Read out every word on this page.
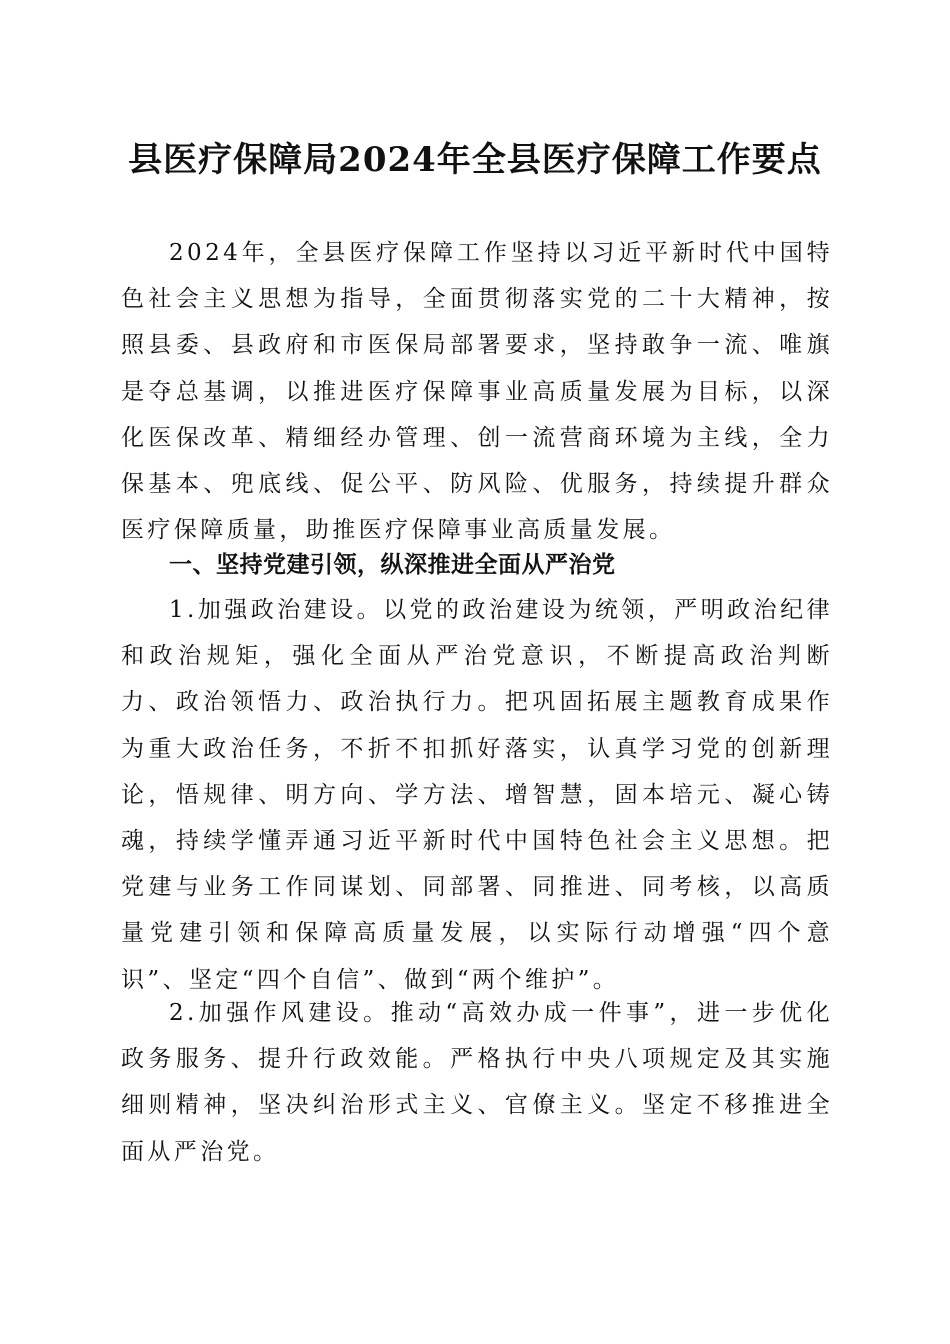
县医疗保障局2024年全县医疗保障工作要点

2024年，全县医疗保障工作坚持以习近平新时代中国特色社会主义思想为指导，全面贯彻落实党的二十大精神，按照县委、县政府和市医保局部署要求，坚持敢争一流、唯旗是夺总基调，以推进医疗保障事业高质量发展为目标，以深化医保改革、精细经办管理、创一流营商环境为主线，全力保基本、兜底线、促公平、防风险、优服务，持续提升群众医疗保障质量，助推医疗保障事业高质量发展。

一、坚持党建引领，纵深推进全面从严治党

1.加强政治建设。以党的政治建设为统领，严明政治纪律和政治规矩，强化全面从严治党意识，不断提高政治判断力、政治领悟力、政治执行力。把巩固拓展主题教育成果作为重大政治任务，不折不扣抓好落实，认真学习党的创新理论，悟规律、明方向、学方法、增智慧，固本培元、凝心铸魂，持续学懂弄通习近平新时代中国特色社会主义思想。把党建与业务工作同谋划、同部署、同推进、同考核，以高质量党建引领和保障高质量发展，以实际行动增强“四个意识”、坚定“四个自信”、做到“两个维护”。

2.加强作风建设。推动“高效办成一件事”，进一步优化政务服务、提升行政效能。严格执行中央八项规定及其实施细则精神，坚决纠治形式主义、官僚主义。坚定不移推进全面从严治党。
